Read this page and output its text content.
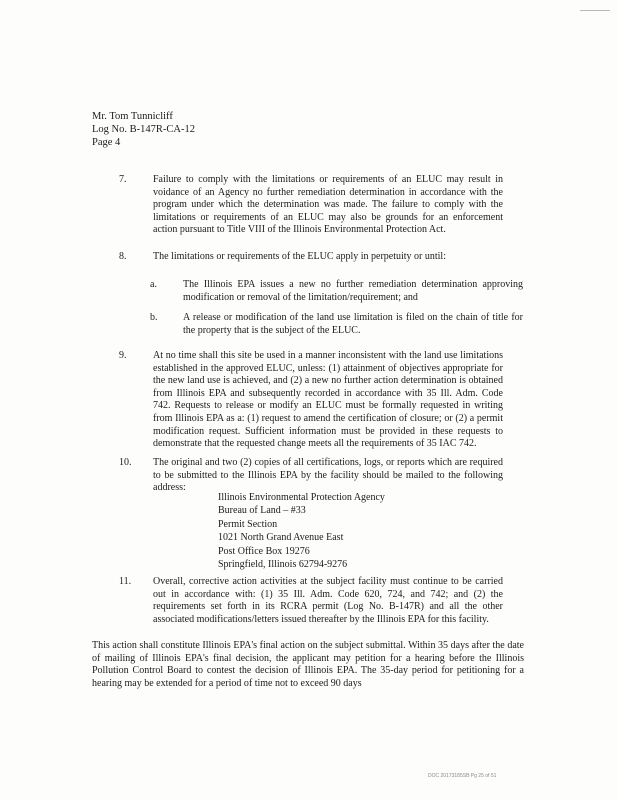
Mr. Tom Tunnicliff
Log No. B-147R-CA-12
Page 4
7.	Failure to comply with the limitations or requirements of an ELUC may result in voidance of an Agency no further remediation determination in accordance with the program under which the determination was made. The failure to comply with the limitations or requirements of an ELUC may also be grounds for an enforcement action pursuant to Title VIII of the Illinois Environmental Protection Act.
8.	The limitations or requirements of the ELUC apply in perpetuity or until:
a.	The Illinois EPA issues a new no further remediation determination approving modification or removal of the limitation/requirement; and
b.	A release or modification of the land use limitation is filed on the chain of title for the property that is the subject of the ELUC.
9.	At no time shall this site be used in a manner inconsistent with the land use limitations established in the approved ELUC, unless: (1) attainment of objectives appropriate for the new land use is achieved, and (2) a new no further action determination is obtained from Illinois EPA and subsequently recorded in accordance with 35 Ill. Adm. Code 742. Requests to release or modify an ELUC must be formally requested in writing from Illinois EPA as a: (1) request to amend the certification of closure; or (2) a permit modification request. Sufficient information must be provided in these requests to demonstrate that the requested change meets all the requirements of 35 IAC 742.
10. The original and two (2) copies of all certifications, logs, or reports which are required to be submitted to the Illinois EPA by the facility should be mailed to the following address:
Illinois Environmental Protection Agency
Bureau of Land – #33
Permit Section
1021 North Grand Avenue East
Post Office Box 19276
Springfield, Illinois 62794-9276
11. Overall, corrective action activities at the subject facility must continue to be carried out in accordance with: (1) 35 Ill. Adm. Code 620, 724, and 742; and (2) the requirements set forth in its RCRA permit (Log No. B-147R) and all the other associated modifications/letters issued thereafter by the Illinois EPA for this facility.
This action shall constitute Illinois EPA's final action on the subject submittal. Within 35 days after the date of mailing of Illinois EPA's final decision, the applicant may petition for a hearing before the Illinois Pollution Control Board to contest the decision of Illinois EPA. The 35-day period for petitioning for a hearing may be extended for a period of time not to exceed 90 days
DOC 20173185SB Pg 25 of 51
